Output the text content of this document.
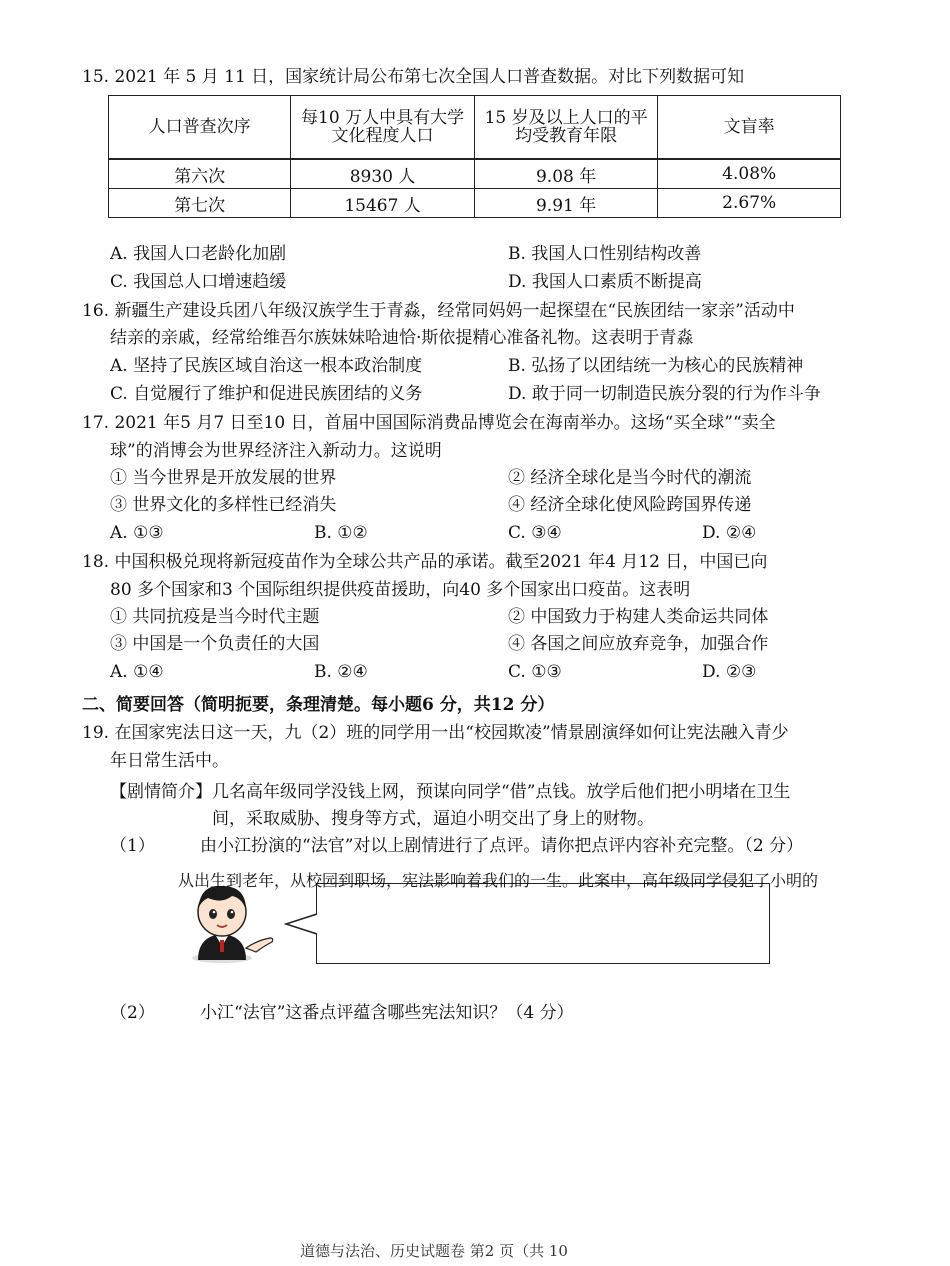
15. 2021 年 5 月 11 日，国家统计局公布第七次全国人口普查数据。对比下列数据可知
人口普查次序	每10 万人中具有大学文化程度人口	15 岁及以上人口的平均受教育年限	文盲率
第六次	8930 人	9.08 年	4.08%
第七次	15467 人	9.91 年	2.67%
A. 我国人口老龄化加剧	B. 我国人口性别结构改善
C. 我国总人口增速趋缓	D. 我国人口素质不断提高
16. 新疆生产建设兵团八年级汉族学生于青淼，经常同妈妈一起探望在“民族团结一家亲”活动中
结亲的亲戚，经常给维吾尔族妹妹哈迪恰·斯依提精心准备礼物。这表明于青淼
A. 坚持了民族区域自治这一根本政治制度	B. 弘扬了以团结统一为核心的民族精神
C. 自觉履行了维护和促进民族团结的义务	D. 敢于同一切制造民族分裂的行为作斗争
17. 2021 年5 月7 日至10 日，首届中国国际消费品博览会在海南举办。这场“买全球”“卖全
球”的消博会为世界经济注入新动力。这说明
① 当今世界是开放发展的世界	② 经济全球化是当今时代的潮流
③ 世界文化的多样性已经消失	④ 经济全球化使风险跨国界传递
A. ①③	B. ①②	C. ③④	D. ②④
18. 中国积极兑现将新冠疫苗作为全球公共产品的承诺。截至2021 年4 月12 日，中国已向
80 多个国家和3 个国际组织提供疫苗援助，向40 多个国家出口疫苗。这表明
① 共同抗疫是当今时代主题	② 中国致力于构建人类命运共同体
③ 中国是一个负责任的大国	④ 各国之间应放弃竞争，加强合作
A. ①④	B. ②④	C. ①③	D. ②③
二、简要回答（简明扼要，条理清楚。每小题6 分，共12 分）
19. 在国家宪法日这一天，九（2）班的同学用一出“校园欺凌”情景剧演绎如何让宪法融入青少
年日常生活中。
【剧情简介】 几名高年级同学没钱上网，预谋向同学“借”点钱。放学后他们把小明堵在卫生
间，采取威胁、搜身等方式，逼迫小明交出了身上的财物。
（1）	由小江扮演的“法官”对以上剧情进行了点评。请你把点评内容补充完整。（2 分）
从出生到老年，从校园到职场，宪法影响着我们的一生。此案中，高年级同学侵犯了小明的
（2）	小江“法官”这番点评蕴含哪些宪法知识？（4 分）
道德与法治、历史试题卷 第2 页（共 10
